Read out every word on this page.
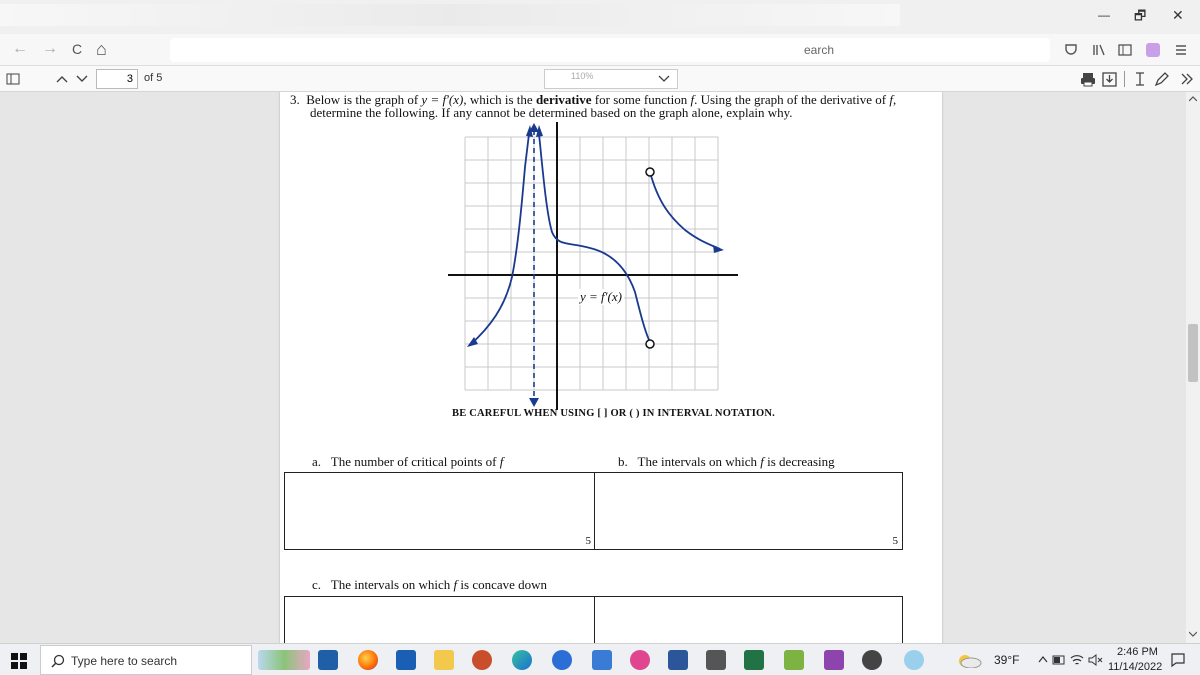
— 🗗 ✕
← → C ⌂	earch
3	of 5	110%
3. Below is the graph of y = f′(x), which is the derivative for some function f. Using the graph of the derivative of f,
determine the following. If any cannot be determined based on the graph alone, explain why.
y = f′(x)
BE CAREFUL WHEN USING [ ] OR ( ) IN INTERVAL NOTATION.
a. The number of critical points of f	b. The intervals on which f is decreasing
5	5
c. The intervals on which f is concave down
Type here to search	39°F
2:46 PM
11/14/2022
